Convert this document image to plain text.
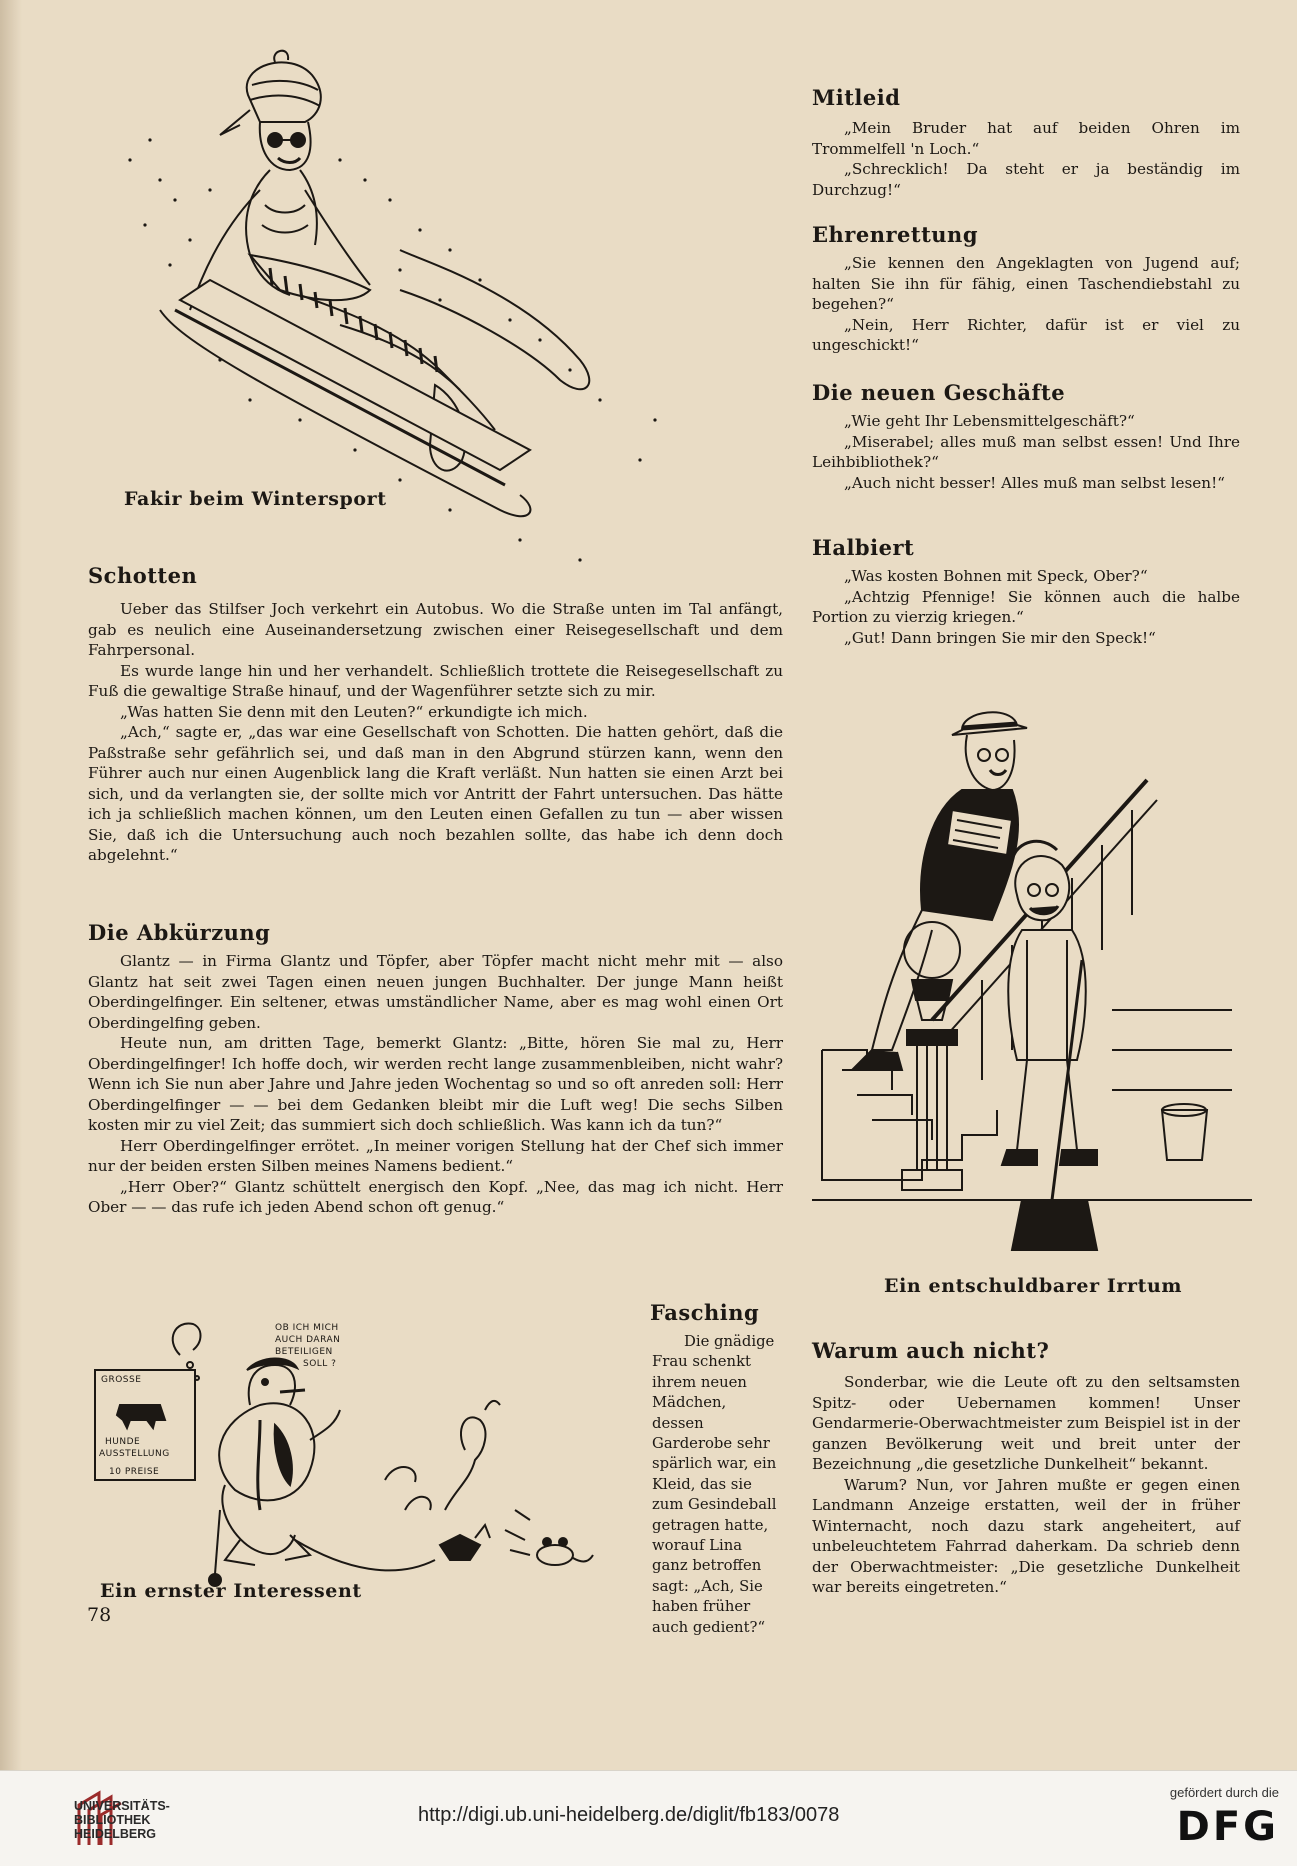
Fakir beim Wintersport
Schotten

Ueber das Stilfser Joch verkehrt ein Autobus. Wo die Straße unten im Tal anfängt, gab es neulich eine Auseinandersetzung zwischen einer Reisegesellschaft und dem Fahrpersonal.

Es wurde lange hin und her verhandelt. Schließlich trottete die Reisegesellschaft zu Fuß die gewaltige Straße hinauf, und der Wagenführer setzte sich zu mir.

„Was hatten Sie denn mit den Leuten?“ erkundigte ich mich.

„Ach,“ sagte er, „das war eine Gesellschaft von Schotten. Die hatten gehört, daß die Paßstraße sehr gefährlich sei, und daß man in den Abgrund stürzen kann, wenn den Führer auch nur einen Augenblick lang die Kraft verläßt. Nun hatten sie einen Arzt bei sich, und da verlangten sie, der sollte mich vor Antritt der Fahrt untersuchen. Das hätte ich ja schließlich machen können, um den Leuten einen Gefallen zu tun — aber wissen Sie, daß ich die Untersuchung auch noch bezahlen sollte, das habe ich denn doch abgelehnt.“

Die Abkürzung

Glantz — in Firma Glantz und Töpfer, aber Töpfer macht nicht mehr mit — also Glantz hat seit zwei Tagen einen neuen jungen Buchhalter. Der junge Mann heißt Oberdingelfinger. Ein seltener, etwas umständlicher Name, aber es mag wohl einen Ort Oberdingelfing geben.

Heute nun, am dritten Tage, bemerkt Glantz: „Bitte, hören Sie mal zu, Herr Oberdingelfinger! Ich hoffe doch, wir werden recht lange zusammenbleiben, nicht wahr? Wenn ich Sie nun aber Jahre und Jahre jeden Wochentag so und so oft anreden soll: Herr Oberdingelfinger — — bei dem Gedanken bleibt mir die Luft weg! Die sechs Silben kosten mir zu viel Zeit; das summiert sich doch schließlich. Was kann ich da tun?“

Herr Oberdingelfinger errötet. „In meiner vorigen Stellung hat der Chef sich immer nur der beiden ersten Silben meines Namens bedient.“

„Herr Ober?“ Glantz schüttelt energisch den Kopf. „Nee, das mag ich nicht. Herr Ober — — das rufe ich jeden Abend schon oft genug.“

GROSSE
HUNDE
AUSSTELLUNG
10 PREISE
OB ICH MICH
AUCH DARAN
BETEILIGEN
SOLL ?
Ein ernster Interessent
Fasching

Die gnädige Frau schenkt ihrem neuen Mädchen, dessen Garderobe sehr spärlich war, ein Kleid, das sie zum Gesindeball getragen hatte, worauf Lina ganz betroffen sagt: „Ach, Sie haben früher auch gedient?“

78
Mitleid

„Mein Bruder hat auf beiden Ohren im Trommelfell 'n Loch.“

„Schrecklich! Da steht er ja beständig im Durchzug!“

Ehrenrettung

„Sie kennen den Angeklagten von Jugend auf; halten Sie ihn für fähig, einen Taschendiebstahl zu begehen?“

„Nein, Herr Richter, dafür ist er viel zu ungeschickt!“

Die neuen Geschäfte

„Wie geht Ihr Lebensmittelgeschäft?“

„Miserabel; alles muß man selbst essen! Und Ihre Leihbibliothek?“

„Auch nicht besser! Alles muß man selbst lesen!“

Halbiert

„Was kosten Bohnen mit Speck, Ober?“

„Achtzig Pfennige! Sie können auch die halbe Portion zu vierzig kriegen.“

„Gut! Dann bringen Sie mir den Speck!“

Ein entschuldbarer Irrtum
Warum auch nicht?

Sonderbar, wie die Leute oft zu den seltsamsten Spitz- oder Uebernamen kommen! Unser Gendarmerie-Oberwachtmeister zum Beispiel ist in der ganzen Bevölkerung weit und breit unter der Bezeichnung „die gesetzliche Dunkelheit“ bekannt.

Warum? Nun, vor Jahren mußte er gegen einen Landmann Anzeige erstatten, weil der in früher Winternacht, noch dazu stark angeheitert, auf unbeleuchtetem Fahrrad daherkam. Da schrieb denn der Oberwachtmeister: „Die gesetzliche Dunkelheit war bereits eingetreten.“

UNIVERSITÄTS-
BIBLIOTHEK
HEIDELBERG
http://digi.ub.uni-heidelberg.de/diglit/fb183/0078
gefördert durch die
DFG
